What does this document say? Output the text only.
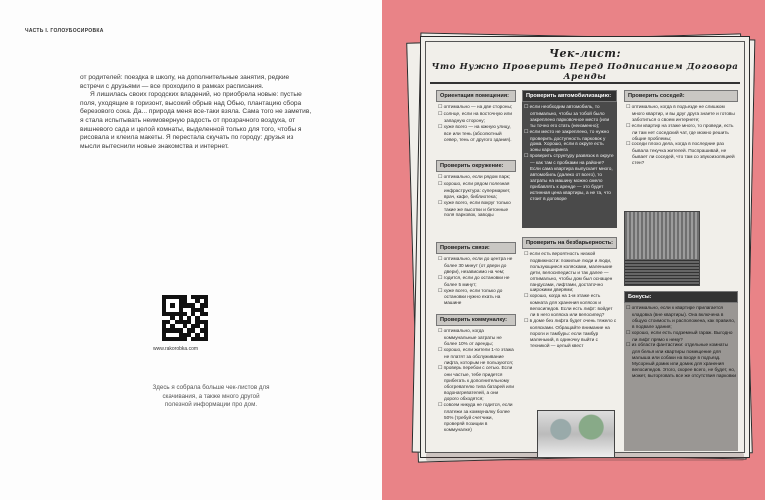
ЧАСТЬ I. ГОЛОУБОСИРОВКА

от родителей: поездка в школу, на дополнительные занятия, редкие встречи с друзьями — все проходило в рамках расписания.

Я лишилась своих городских владений, но приобрела новые: пустые поля, уходящие в горизонт, высокий обрыв над Обью, плантацию сбора березового сока. Да... природа меня все-таки взяла. Сама того не заметив, я стала испытывать неимоверную радость от прозрачного воздуха, от вишневого сада и целой комнаты, выделенной только для того, чтобы я рисовала и клеила макеты. Я перестала скучать по городу: друзья из мысли вытеснили новые знакомства и интернет.

www.rakorobka.com
Здесь я собрала больше чек-листов для скачивания, а также много другой полезной информации про дом.
Чек-лист:
Что Нужно Проверить Перед Подписанием Договора Аренды
Ориентация помещения:
☐ оптимально — на две стороны;
☐ солнце, если на восточную или западную сторону;
☐ хуже всего — на южную улицу, все или тень (абсолютный север, тень от другого здания).
Проверить окружение:
☐ оптимально, если рядом парк;
☐ хорошо, если рядом полезная инфраструктура: супермаркет, врач, кафе, библиотека;
☐ хуже всего, если вокруг только такие же высотки и бетонные поля парковок, заводы
Проверить связи:
☐ оптимально, если до центра не более 30 минут (от двери до двери), независимо на чем;
☐ годится, если до остановки не более 5 минут;
☐ хуже всего, если только до остановки нужно ехать на машине
Проверить коммуналку:
☐ оптимально, когда коммунальные затраты не более 10% от аренды;
☐ хорошо, если жители 1-го этажа не платят за обслуживание лифта, которым не пользуются;
☐ проверь перебои с сетью. Если они частые, тебе придется прибегать к дополнительному обогревателю типа батарей или водонагревателей, а они дорого обходятся;
☐ совсем никуда не годится, если платежи за коммуналку более 50% (требуй счетчики, проверяй позиции в коммуналке)
Проверить автомобилизацию:
☐ если необходим автомобиль, то оптимально, чтобы за тобой было закреплено парковочное место (или ты точно его стать (неизменно);
☐ если место не закреплено, то нужно проверить доступность парковок у дома. Хорошо, если в округе есть зоны карширинга
☐ проверить структуру развязок в округе — как там с пробками на районе? Если сама квартира выпускает много, автомобиль (далеко от всего), то затраты на машину можно смело прибавлять к аренде — это будет истинная цена квартиры, а не та, что стоит в договоре
Проверить на безбарьерность:
☐ если есть вероятность низкой подвижности: пожилые люди и люди, пользующиеся колясками, маленькие дети, велосипедисты и так далее — оптимально, чтобы дом был оснащен пандусами, лифтами, достаточно широкими дверями;
☐ хорошо, когда на 1-м этаже есть комната для хранения колясок и велосипедов. Если есть лифт: войдет ли в него коляска или велосипед?
☐ в доме без лифта будет очень тяжело с колясками. Обращайте внимание на пороги и тамбуры: если тамбур маленький, в одиночку выйти с техникой — целый квест
Проверить соседей:
☐ оптимально, когда в подъезде не слишком много квартир, и вы друг друга знаете и готовы заботиться о своем интернете;
☐ если квартир на этаже много, то проведи, есть ли там нет соседский чат, где можно решить общие проблемы;
☐ соседи плохо дела, когда в последние раз бывала текучка жителей. Поспрашивай, не бывает ли соседей, что там со звукоизоляцией стен?
Бонусы:
☐ оптимально, если к квартире прилагается кладовка (вне квартиры). Она включена в общую стоимость и расположена, как правило, в подвале здания;
☐ хорошо, если есть подземный гараж. Выгодно ли лифт прямо к нему?
☐ из области фантастики: отдельные комнаты для белья или квартиры помещение для малыша или собаки на входе в подъезд. Мусорный домик или домик для хранения велосипедов. Этого, скорее всего, не будет, но, может, выторговать все же отсутствия парковки
